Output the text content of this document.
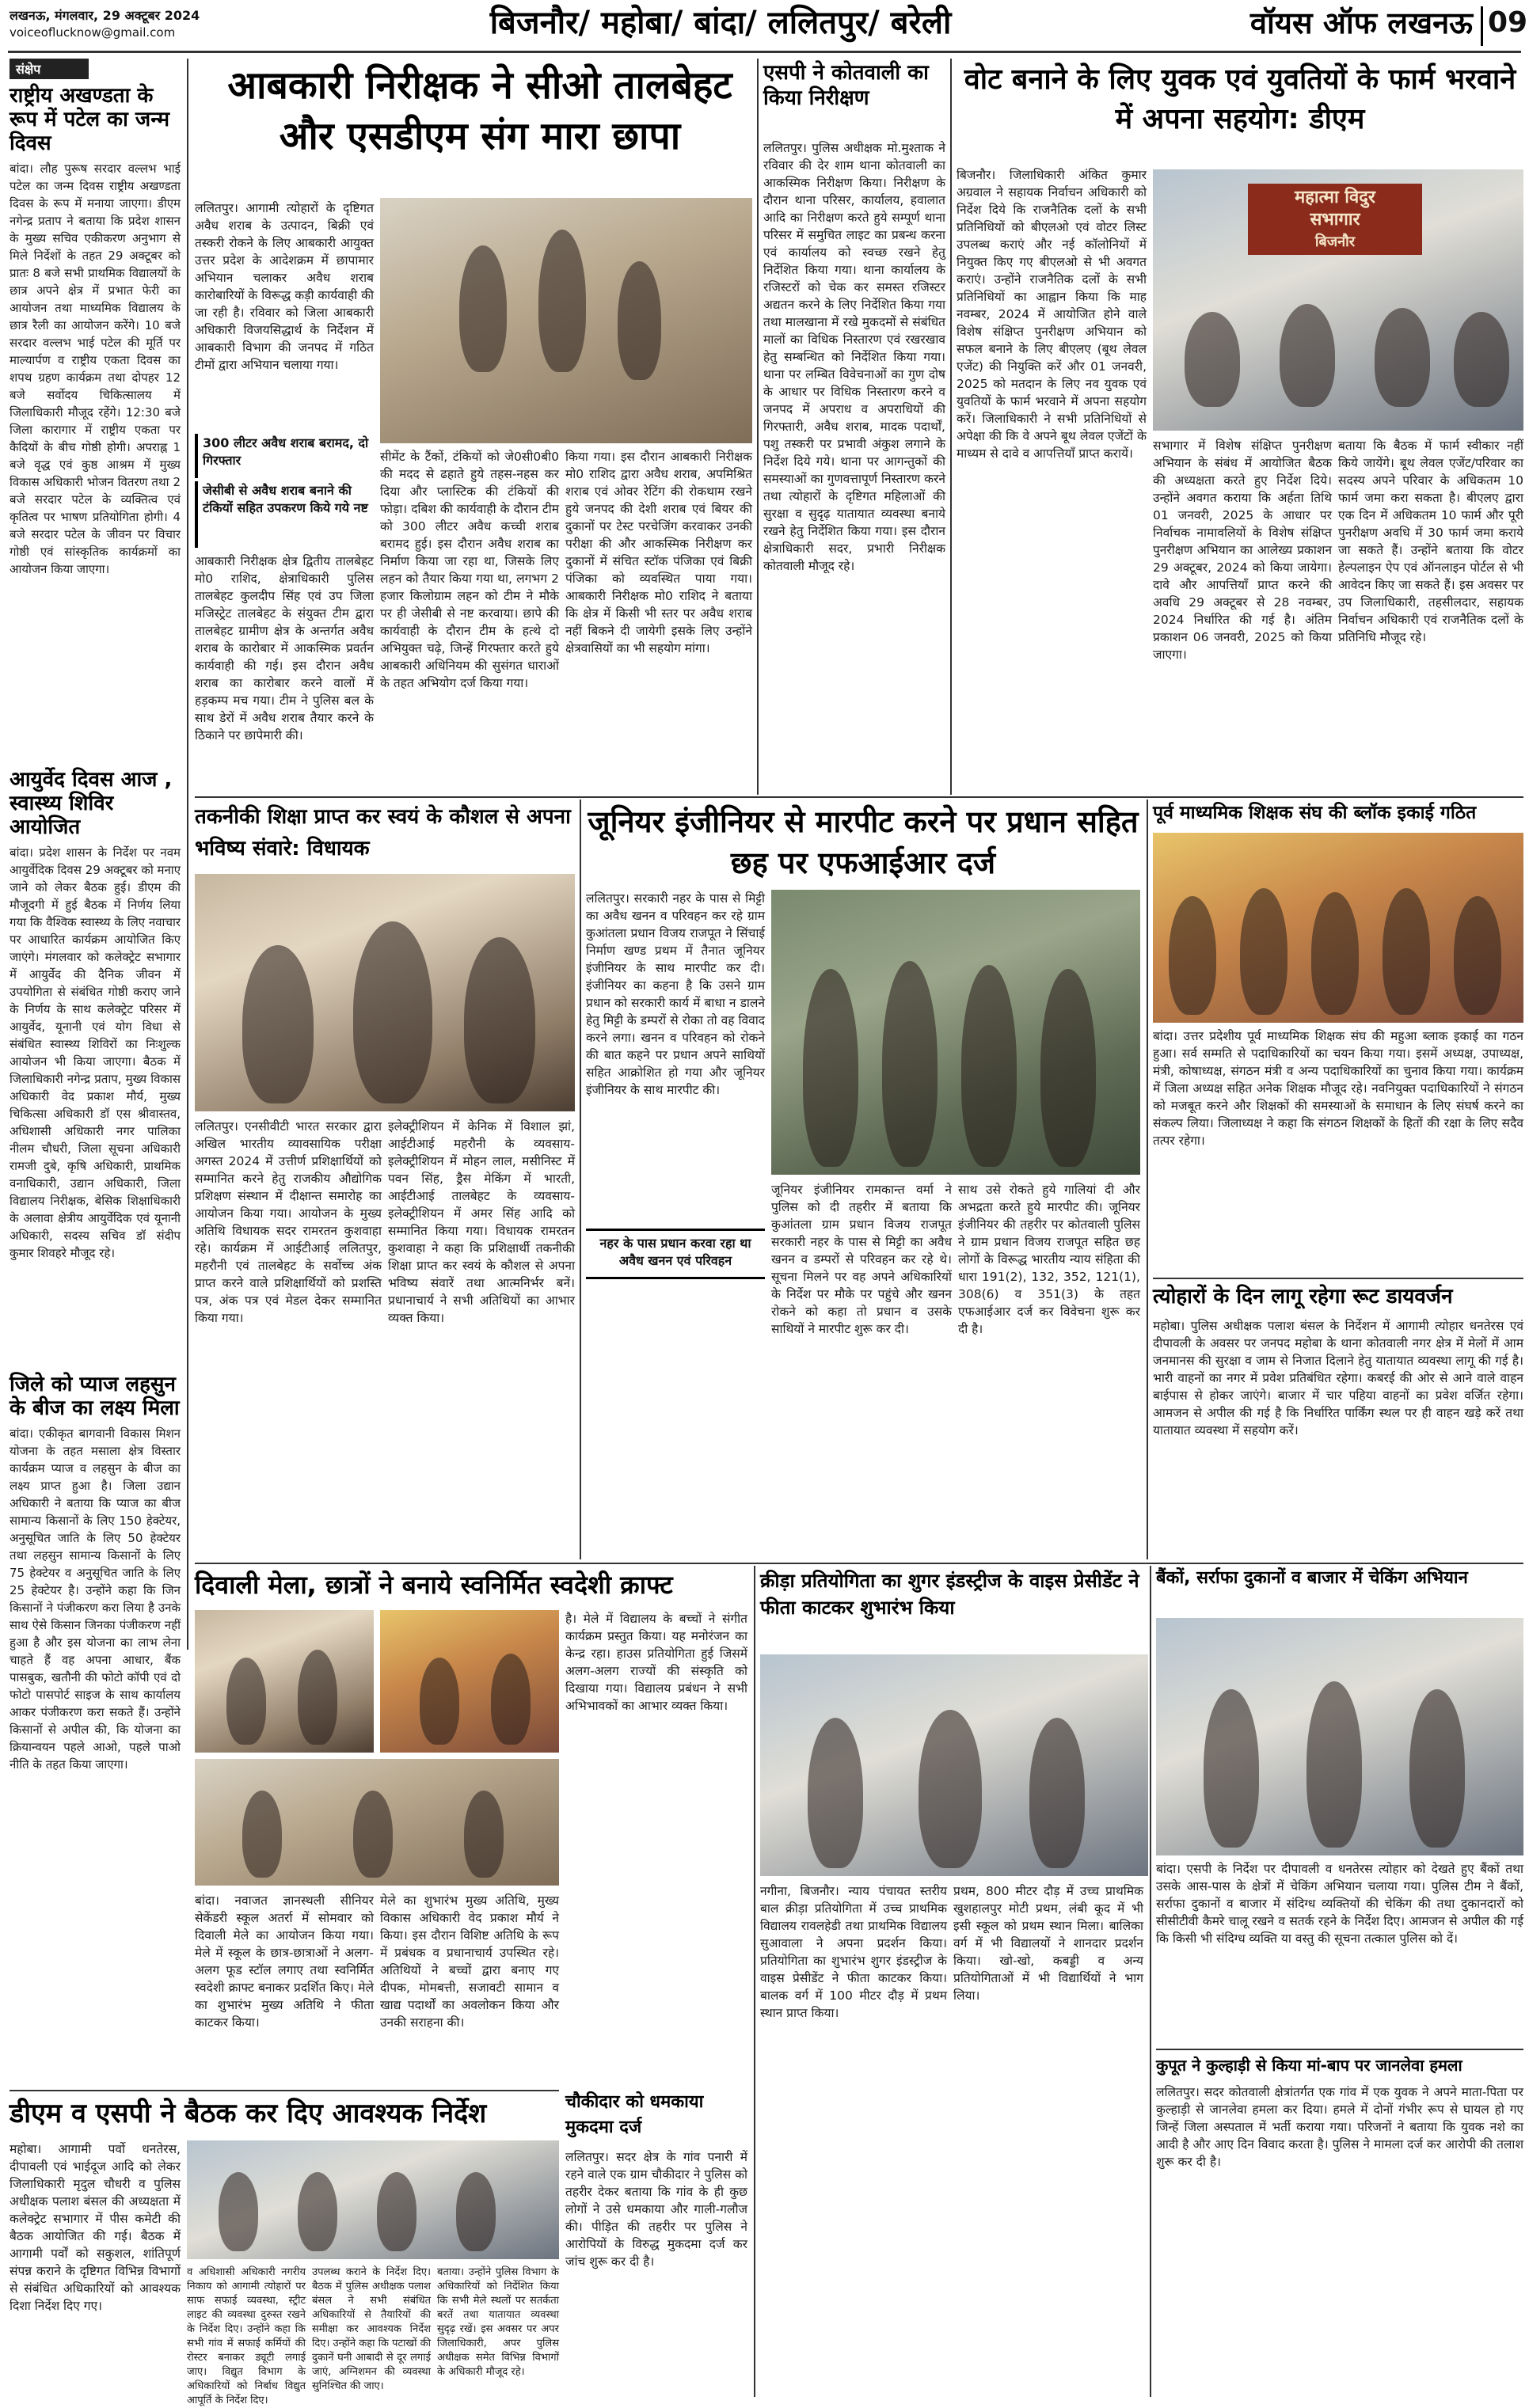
लखनऊ, मंगलवार, 29 अक्टूबर 2024
voiceoflucknow@gmail.com	बिजनौर/ महोबा/ बांदा/ ललितपुर/ बरेली	वॉयस ऑफ लखनऊ 09
संक्षेप
राष्ट्रीय अखण्डता के रूप में पटेल का जन्म दिवस
बांदा। लौह पुरूष सरदार वल्लभ भाई पटेल का जन्म दिवस राष्ट्रीय अखण्डता दिवस के रूप में मनाया जाएगा। डीएम नगेन्द्र प्रताप ने बताया कि प्रदेश शासन के मुख्य सचिव एकीकरण अनुभाग से मिले निर्देशों के तहत 29 अक्टूबर को प्रातः 8 बजे सभी प्राथमिक विद्यालयों के छात्र अपने क्षेत्र में प्रभात फेरी का आयोजन तथा माध्यमिक विद्यालय के छात्र रैली का आयोजन करेंगे। 10 बजे सरदार वल्लभ भाई पटेल की मूर्ति पर माल्यार्पण व राष्ट्रीय एकता दिवस का शपथ ग्रहण कार्यक्रम तथा दोपहर 12 बजे सर्वोदय चिकित्सालय में जिलाधिकारी मौजूद रहेंगे। 12:30 बजे जिला कारागार में राष्ट्रीय एकता पर कैदियों के बीच गोष्ठी होगी। अपराह्न 1 बजे वृद्ध एवं कुष्ठ आश्रम में मुख्य विकास अधिकारी भोजन वितरण तथा 2 बजे सरदार पटेल के व्यक्तित्व एवं कृतित्व पर भाषण प्रतियोगिता होगी। 4 बजे सरदार पटेल के जीवन पर विचार गोष्ठी एवं सांस्कृतिक कार्यक्रमों का आयोजन किया जाएगा।
आयुर्वेद दिवस आज , स्वास्थ्य शिविर आयोजित
बांदा। प्रदेश शासन के निर्देश पर नवम आयुर्वेदिक दिवस 29 अक्टूबर को मनाए जाने को लेकर बैठक हुई। डीएम की मौजूदगी में हुई बैठक में निर्णय लिया गया कि वैश्विक स्वास्थ्य के लिए नवाचार पर आधारित कार्यक्रम आयोजित किए जाएंगे। मंगलवार को कलेक्ट्रेट सभागार में आयुर्वेद की दैनिक जीवन में उपयोगिता से संबंधित गोष्ठी कराए जाने के निर्णय के साथ कलेक्ट्रेट परिसर में आयुर्वेद, यूनानी एवं योग विधा से संबंधित स्वास्थ्य शिविरों का निःशुल्क आयोजन भी किया जाएगा। बैठक में जिलाधिकारी नगेन्द्र प्रताप, मुख्य विकास अधिकारी वेद प्रकाश मौर्य, मुख्य चिकित्सा अधिकारी डॉ एस श्रीवास्तव, अधिशासी अधिकारी नगर पालिका नीलम चौधरी, जिला सूचना अधिकारी रामजी दुबे, कृषि अधिकारी, प्राथमिक वनाधिकारी, उद्यान अधिकारी, जिला विद्यालय निरीक्षक, बेसिक शिक्षाधिकारी के अलावा क्षेत्रीय आयुर्वेदिक एवं यूनानी अधिकारी, सदस्य सचिव डॉ संदीप कुमार शिवहरे मौजूद रहे।
जिले को प्याज लहसुन के बीज का लक्ष्य मिला
बांदा। एकीकृत बागवानी विकास मिशन योजना के तहत मसाला क्षेत्र विस्तार कार्यक्रम प्याज व लहसुन के बीज का लक्ष्य प्राप्त हुआ है। जिला उद्यान अधिकारी ने बताया कि प्याज का बीज सामान्य किसानों के लिए 150 हेक्टेयर, अनुसूचित जाति के लिए 50 हेक्टेयर तथा लहसुन सामान्य किसानों के लिए 75 हेक्टेयर व अनुसूचित जाति के लिए 25 हेक्टेयर है। उन्होंने कहा कि जिन किसानों ने पंजीकरण करा लिया है उनके साथ ऐसे किसान जिनका पंजीकरण नहीं हुआ है और इस योजना का लाभ लेना चाहते हैं वह अपना आधार, बैंक पासबुक, खतौनी की फोटो कॉपी एवं दो फोटो पासपोर्ट साइज के साथ कार्यालय आकर पंजीकरण करा सकते हैं। उन्होंने किसानों से अपील की, कि योजना का क्रियान्वयन पहले आओ, पहले पाओ नीति के तहत किया जाएगा।
आबकारी निरीक्षक ने सीओ तालबेहट और एसडीएम संग मारा छापा
ललितपुर। आगामी त्योहारों के दृष्टिगत अवैध शराब के उत्पादन, बिक्री एवं तस्करी रोकने के लिए आबकारी आयुक्त उत्तर प्रदेश के आदेशक्रम में छापामार अभियान चलाकर अवैध शराब कारोबारियों के विरूद्ध कड़ी कार्यवाही की जा रही है। रविवार को जिला आबकारी अधिकारी विजयसिद्धार्थ के निर्देशन में आबकारी विभाग की जनपद में गठित टीमों द्वारा अभियान चलाया गया।
300 लीटर अवैध शराब बरामद, दो गिरफ्तार
जेसीबी से अवैध शराब बनाने की टंकियों सहित उपकरण किये गये नष्ट
आबकारी निरीक्षक क्षेत्र द्वितीय तालबेहट मो0 राशिद, क्षेत्राधिकारी पुलिस तालबेहट कुलदीप सिंह एवं उप जिला मजिस्ट्रेट तालबेहट के संयुक्त टीम द्वारा तालबेहट ग्रामीण क्षेत्र के अन्तर्गत अवैध शराब के कारोबार में आकस्मिक प्रवर्तन कार्यवाही की गई। इस दौरान अवैध शराब का कारोबार करने वालों में हड़कम्प मच गया। टीम ने पुलिस बल के साथ डेरों में अवैध शराब तैयार करने के ठिकाने पर छापेमारी की।
सीमेंट के टैंकों, टंकियों को जे0सी0बी0 की मदद से ढहाते हुये तहस-नहस कर दिया और प्लास्टिक की टंकियों की फोड़ा। दबिश की कार्यवाही के दौरान टीम को 300 लीटर अवैध कच्ची शराब बरामद हुई। इस दौरान अवैध शराब का निर्माण किया जा रहा था, जिसके लिए लहन को तैयार किया गया था, लगभग 2 हजार किलोग्राम लहन को टीम ने मौके पर ही जेसीबी से नष्ट करवाया। छापे की कार्यवाही के दौरान टीम के हत्थे दो अभियुक्त चढ़े, जिन्हें गिरफ्तार करते हुये आबकारी अधिनियम की सुसंगत धाराओं के तहत अभियोग दर्ज किया गया।
किया गया। इस दौरान आबकारी निरीक्षक मो0 राशिद द्वारा अवैध शराब, अपमिश्रित शराब एवं ओवर रेटिंग की रोकथाम रखने हुये जनपद की देशी शराब एवं बियर की दुकानों पर टेस्ट परचेजिंग करवाकर उनकी परीक्षा की और आकस्मिक निरीक्षण कर दुकानों में संचित स्टॉक पंजिका एवं बिक्री पंजिका को व्यवस्थित पाया गया। आबकारी निरीक्षक मो0 राशिद ने बताया कि क्षेत्र में किसी भी स्तर पर अवैध शराब नहीं बिकने दी जायेगी इसके लिए उन्होंने क्षेत्रवासियों का भी सहयोग मांगा।
एसपी ने कोतवाली का किया निरीक्षण
ललितपुर। पुलिस अधीक्षक मो.मुश्ताक ने रविवार की देर शाम थाना कोतवाली का आकस्मिक निरीक्षण किया। निरीक्षण के दौरान थाना परिसर, कार्यालय, हवालात आदि का निरीक्षण करते हुये सम्पूर्ण थाना परिसर में समुचित लाइट का प्रबन्ध करना एवं कार्यालय को स्वच्छ रखने हेतु निर्देशित किया गया। थाना कार्यालय के रजिस्टरों को चेक कर समस्त रजिस्टर अद्यतन करने के लिए निर्देशित किया गया तथा मालखाना में रखे मुकदमों से संबंधित मालों का विधिक निस्तारण एवं रखरखाव हेतु सम्बन्धित को निर्देशित किया गया। थाना पर लम्बित विवेचनाओं का गुण दोष के आधार पर विधिक निस्तारण करने व जनपद में अपराध व अपराधियों की गिरफ्तारी, अवैध शराब, मादक पदार्थों, पशु तस्करी पर प्रभावी अंकुश लगाने के निर्देश दिये गये। थाना पर आगन्तुकों की समस्याओं का गुणवत्तापूर्ण निस्तारण करने तथा त्योहारों के दृष्टिगत महिलाओं की सुरक्षा व सुदृढ़ यातायात व्यवस्था बनाये रखने हेतु निर्देशित किया गया। इस दौरान क्षेत्राधिकारी सदर, प्रभारी निरीक्षक कोतवाली मौजूद रहे।
वोट बनाने के लिए युवक एवं युवतियों के फार्म भरवाने में अपना सहयोग: डीएम
बिजनौर। जिलाधिकारी अंकित कुमार अग्रवाल ने सहायक निर्वाचन अधिकारी को निर्देश दिये कि राजनैतिक दलों के सभी प्रतिनिधियों को बीएलओ एवं वोटर लिस्ट उपलब्ध कराएं और नई कॉलोनियों में नियुक्त किए गए बीएलओ से भी अवगत कराएं। उन्होंने राजनैतिक दलों के सभी प्रतिनिधियों का आह्वान किया कि माह नवम्बर, 2024 में आयोजित होने वाले विशेष संक्षिप्त पुनरीक्षण अभियान को सफल बनाने के लिए बीएलए (बूथ लेवल एजेंट) की नियुक्ति करें और 01 जनवरी, 2025 को मतदान के लिए नव युवक एवं युवतियों के फार्म भरवाने में अपना सहयोग करें। जिलाधिकारी ने सभी प्रतिनिधियों से अपेक्षा की कि वे अपने बूथ लेवल एजेंटों के माध्यम से दावे व आपत्तियाँ प्राप्त करायें।
महात्मा विदुर
सभागार
बिजनौर
सभागार में विशेष संक्षिप्त पुनरीक्षण अभियान के संबंध में आयोजित बैठक की अध्यक्षता करते हुए निर्देश दिये। उन्होंने अवगत कराया कि अर्हता तिथि 01 जनवरी, 2025 के आधार पर निर्वाचक नामावलियों के विशेष संक्षिप्त पुनरीक्षण अभियान का आलेख्य प्रकाशन 29 अक्टूबर, 2024 को किया जायेगा। दावे और आपत्तियाँ प्राप्त करने की अवधि 29 अक्टूबर से 28 नवम्बर, 2024 निर्धारित की गई है। अंतिम प्रकाशन 06 जनवरी, 2025 को किया जाएगा।
बताया कि बैठक में फार्म स्वीकार नहीं किये जायेंगे। बूथ लेवल एजेंट/परिवार का सदस्य अपने परिवार के अधिकतम 10 फार्म जमा करा सकता है। बीएलए द्वारा एक दिन में अधिकतम 10 फार्म और पूरी पुनरीक्षण अवधि में 30 फार्म जमा कराये जा सकते हैं। उन्होंने बताया कि वोटर हेल्पलाइन ऐप एवं ऑनलाइन पोर्टल से भी आवेदन किए जा सकते हैं। इस अवसर पर उप जिलाधिकारी, तहसीलदार, सहायक निर्वाचन अधिकारी एवं राजनैतिक दलों के प्रतिनिधि मौजूद रहे।
तकनीकी शिक्षा प्राप्त कर स्वयं के कौशल से अपना भविष्य संवारे: विधायक
ललितपुर। एनसीवीटी भारत सरकार द्वारा अखिल भारतीय व्यावसायिक परीक्षा अगस्त 2024 में उत्तीर्ण प्रशिक्षार्थियों को सम्मानित करने हेतु राजकीय औद्योगिक प्रशिक्षण संस्थान में दीक्षान्त समारोह का आयोजन किया गया। आयोजन के मुख्य अतिथि विधायक सदर रामरतन कुशवाहा रहे। कार्यक्रम में आईटीआई ललितपुर, महरौनी एवं तालबेहट के सर्वोच्च अंक प्राप्त करने वाले प्रशिक्षार्थियों को प्रशस्ति पत्र, अंक पत्र एवं मेडल देकर सम्मानित किया गया।
इलेक्ट्रीशियन में केनिक में विशाल झां, आईटीआई महरौनी के व्यवसाय-इलेक्ट्रीशियन में मोहन लाल, मसीनिस्ट में पवन सिंह, ड्रैस मेकिंग में भारती, आईटीआई तालबेहट के व्यवसाय-इलेक्ट्रीशियन में अमर सिंह आदि को सम्मानित किया गया। विधायक रामरतन कुशवाहा ने कहा कि प्रशिक्षार्थी तकनीकी शिक्षा प्राप्त कर स्वयं के कौशल से अपना भविष्य संवारें तथा आत्मनिर्भर बनें। प्रधानाचार्य ने सभी अतिथियों का आभार व्यक्त किया।
जूनियर इंजीनियर से मारपीट करने पर प्रधान सहित छह पर एफआईआर दर्ज
ललितपुर। सरकारी नहर के पास से मिट्टी का अवैध खनन व परिवहन कर रहे ग्राम कुआंतला प्रधान विजय राजपूत ने सिंचाई निर्माण खण्ड प्रथम में तैनात जूनियर इंजीनियर के साथ मारपीट कर दी। इंजीनियर का कहना है कि उसने ग्राम प्रधान को सरकारी कार्य में बाधा न डालने हेतु मिट्टी के डम्परों से रोका तो वह विवाद करने लगा। खनन व परिवहन को रोकने की बात कहने पर प्रधान अपने साथियों सहित आक्रोशित हो गया और जूनियर इंजीनियर के साथ मारपीट की।
नहर के पास प्रधान करवा रहा था अवैध खनन एवं परिवहन
जूनियर इंजीनियर रामकान्त वर्मा ने पुलिस को दी तहरीर में बताया कि कुआंतला ग्राम प्रधान विजय राजपूत सरकारी नहर के पास से मिट्टी का अवैध खनन व डम्परों से परिवहन कर रहे थे। सूचना मिलने पर वह अपने अधिकारियों के निर्देश पर मौके पर पहुंचे और खनन रोकने को कहा तो प्रधान व उसके साथियों ने मारपीट शुरू कर दी।
साथ उसे रोकते हुये गालियां दी और अभद्रता करते हुये मारपीट की। जूनियर इंजीनियर की तहरीर पर कोतवाली पुलिस ने ग्राम प्रधान विजय राजपूत सहित छह लोगों के विरूद्ध भारतीय न्याय संहिता की धारा 191(2), 132, 352, 121(1), 308(6) व 351(3) के तहत एफआईआर दर्ज कर विवेचना शुरू कर दी है।
पूर्व माध्यमिक शिक्षक संघ की ब्लॉक इकाई गठित
बांदा। उत्तर प्रदेशीय पूर्व माध्यमिक शिक्षक संघ की महुआ ब्लाक इकाई का गठन हुआ। सर्व सम्मति से पदाधिकारियों का चयन किया गया। इसमें अध्यक्ष, उपाध्यक्ष, मंत्री, कोषाध्यक्ष, संगठन मंत्री व अन्य पदाधिकारियों का चुनाव किया गया। कार्यक्रम में जिला अध्यक्ष सहित अनेक शिक्षक मौजूद रहे। नवनियुक्त पदाधिकारियों ने संगठन को मजबूत करने और शिक्षकों की समस्याओं के समाधान के लिए संघर्ष करने का संकल्प लिया। जिलाध्यक्ष ने कहा कि संगठन शिक्षकों के हितों की रक्षा के लिए सदैव तत्पर रहेगा।
त्योहारों के दिन लागू रहेगा रूट डायवर्जन
महोबा। पुलिस अधीक्षक पलाश बंसल के निर्देशन में आगामी त्योहार धनतेरस एवं दीपावली के अवसर पर जनपद महोबा के थाना कोतवाली नगर क्षेत्र में मेलों में आम जनमानस की सुरक्षा व जाम से निजात दिलाने हेतु यातायात व्यवस्था लागू की गई है। भारी वाहनों का नगर में प्रवेश प्रतिबंधित रहेगा। कबरई की ओर से आने वाले वाहन बाईपास से होकर जाएंगे। बाजार में चार पहिया वाहनों का प्रवेश वर्जित रहेगा। आमजन से अपील की गई है कि निर्धारित पार्किंग स्थल पर ही वाहन खड़े करें तथा यातायात व्यवस्था में सहयोग करें।
दिवाली मेला, छात्रों ने बनाये स्वनिर्मित स्वदेशी क्राफ्ट
बांदा। नवाजत ज्ञानस्थली सीनियर सेकेंडरी स्कूल अतर्रा में सोमवार को दिवाली मेले का आयोजन किया गया। मेले में स्कूल के छात्र-छात्राओं ने अलग-अलग फूड स्टॉल लगाए तथा स्वनिर्मित स्वदेशी क्राफ्ट बनाकर प्रदर्शित किए। मेले का शुभारंभ मुख्य अतिथि ने फीता काटकर किया।
मेले का शुभारंभ मुख्य अतिथि, मुख्य विकास अधिकारी वेद प्रकाश मौर्य ने किया। इस दौरान विशिष्ट अतिथि के रूप में प्रबंधक व प्रधानाचार्य उपस्थित रहे। अतिथियों ने बच्चों द्वारा बनाए गए दीपक, मोमबत्ती, सजावटी सामान व खाद्य पदार्थों का अवलोकन किया और उनकी सराहना की।
है। मेले में विद्यालय के बच्चों ने संगीत कार्यक्रम प्रस्तुत किया। यह मनोरंजन का केन्द्र रहा। हाउस प्रतियोगिता हुई जिसमें अलग-अलग राज्यों की संस्कृति को दिखाया गया। विद्यालय प्रबंधन ने सभी अभिभावकों का आभार व्यक्त किया।
चौकीदार को धमकाया मुकदमा दर्ज
ललितपुर। सदर क्षेत्र के गांव पनारी में रहने वाले एक ग्राम चौकीदार ने पुलिस को तहरीर देकर बताया कि गांव के ही कुछ लोगों ने उसे धमकाया और गाली-गलौज की। पीड़ित की तहरीर पर पुलिस ने आरोपियों के विरुद्ध मुकदमा दर्ज कर जांच शुरू कर दी है।
क्रीड़ा प्रतियोगिता का शुगर इंडस्ट्रीज के वाइस प्रेसीडेंट ने फीता काटकर शुभारंभ किया
नगीना, बिजनौर। न्याय पंचायत स्तरीय बाल क्रीड़ा प्रतियोगिता में उच्च प्राथमिक विद्यालय रावलहेडी तथा प्राथमिक विद्यालय सुआवाला ने अपना प्रदर्शन किया। प्रतियोगिता का शुभारंभ शुगर इंडस्ट्रीज के वाइस प्रेसीडेंट ने फीता काटकर किया। बालक वर्ग में 100 मीटर दौड़ में प्रथम स्थान प्राप्त किया।
प्रथम, 800 मीटर दौड़ में उच्च प्राथमिक खुशहालपुर मोटी प्रथम, लंबी कूद में भी इसी स्कूल को प्रथम स्थान मिला। बालिका वर्ग में भी विद्यालयों ने शानदार प्रदर्शन किया। खो-खो, कबड्डी व अन्य प्रतियोगिताओं में भी विद्यार्थियों ने भाग लिया।
बैंकों, सर्राफा दुकानों व बाजार में चेकिंग अभियान
बांदा। एसपी के निर्देश पर दीपावली व धनतेरस त्योहार को देखते हुए बैंकों तथा उसके आस-पास के क्षेत्रों में चेकिंग अभियान चलाया गया। पुलिस टीम ने बैंकों, सर्राफा दुकानों व बाजार में संदिग्ध व्यक्तियों की चेकिंग की तथा दुकानदारों को सीसीटीवी कैमरे चालू रखने व सतर्क रहने के निर्देश दिए। आमजन से अपील की गई कि किसी भी संदिग्ध व्यक्ति या वस्तु की सूचना तत्काल पुलिस को दें।
कुपूत ने कुल्हाड़ी से किया मां-बाप पर जानलेवा हमला
ललितपुर। सदर कोतवाली क्षेत्रांतर्गत एक गांव में एक युवक ने अपने माता-पिता पर कुल्हाड़ी से जानलेवा हमला कर दिया। हमले में दोनों गंभीर रूप से घायल हो गए जिन्हें जिला अस्पताल में भर्ती कराया गया। परिजनों ने बताया कि युवक नशे का आदी है और आए दिन विवाद करता है। पुलिस ने मामला दर्ज कर आरोपी की तलाश शुरू कर दी है।
डीएम व एसपी ने बैठक कर दिए आवश्यक निर्देश
महोबा। आगामी पर्वो धनतेरस, दीपावली एवं भाईदूज आदि को लेकर जिलाधिकारी मृदुल चौधरी व पुलिस अधीक्षक पलाश बंसल की अध्यक्षता में कलेक्ट्रेट सभागार में पीस कमेटी की बैठक आयोजित की गई। बैठक में आगामी पर्वों को सकुशल, शांतिपूर्ण संपन्न कराने के दृष्टिगत विभिन्न विभागों से संबंधित अधिकारियों को आवश्यक दिशा निर्देश दिए गए।
व अधिशासी अधिकारी नगरीय निकाय को आगामी त्योहारों पर साफ सफाई व्यवस्था, स्ट्रीट लाइट की व्यवस्था दुरुस्त रखने के निर्देश दिए। उन्होंने कहा कि सभी गांव में सफाई कर्मियों की रोस्टर बनाकर ड्यूटी लगाई जाए। विद्युत विभाग के अधिकारियों को निर्बाध विद्युत आपूर्ति के निर्देश दिए।
उपलब्ध कराने के निर्देश दिए। बैठक में पुलिस अधीक्षक पलाश बंसल ने सभी संबंधित अधिकारियों से तैयारियों की समीक्षा कर आवश्यक निर्देश दिए। उन्होंने कहा कि पटाखों की दुकानें घनी आबादी से दूर लगाई जाएं, अग्निशमन की व्यवस्था सुनिश्चित की जाए।
बताया। उन्होंने पुलिस विभाग के अधिकारियों को निर्देशित किया कि सभी मेले स्थलों पर सतर्कता बरतें तथा यातायात व्यवस्था सुदृढ़ रखें। इस अवसर पर अपर जिलाधिकारी, अपर पुलिस अधीक्षक समेत विभिन्न विभागों के अधिकारी मौजूद रहे।
